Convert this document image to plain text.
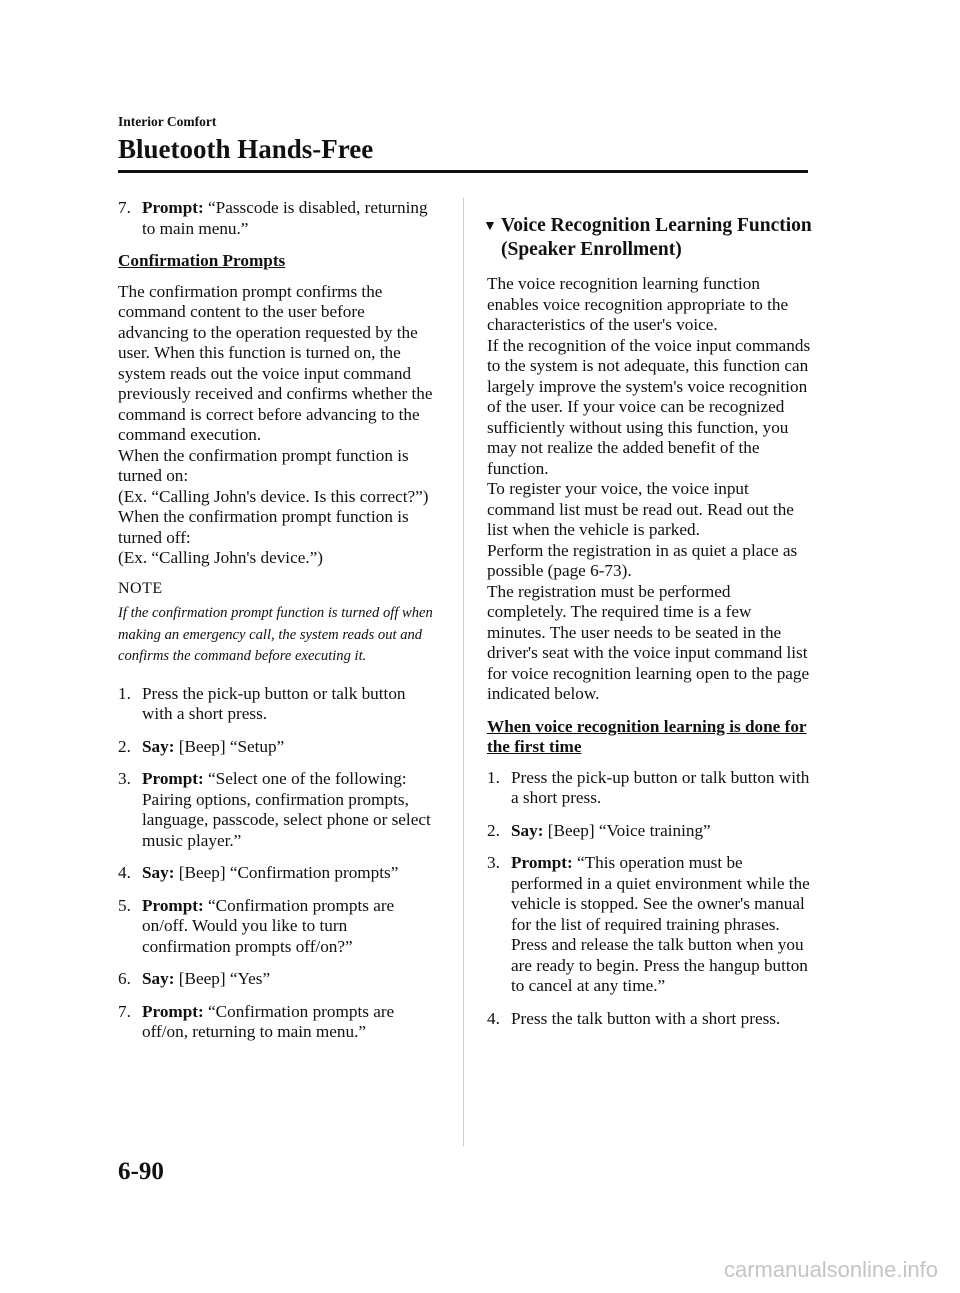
Interior Comfort
Bluetooth Hands-Free
7. Prompt: “Passcode is disabled, returning to main menu.”
Confirmation Prompts
The confirmation prompt confirms the command content to the user before advancing to the operation requested by the user. When this function is turned on, the system reads out the voice input command previously received and confirms whether the command is correct before advancing to the command execution.
When the confirmation prompt function is turned on:
(Ex. “Calling John's device. Is this correct?”)
When the confirmation prompt function is turned off:
(Ex. “Calling John's device.”)
NOTE
If the confirmation prompt function is turned off when making an emergency call, the system reads out and confirms the command before executing it.
1. Press the pick-up button or talk button with a short press.
2. Say: [Beep] “Setup”
3. Prompt: “Select one of the following: Pairing options, confirmation prompts, language, passcode, select phone or select music player.”
4. Say: [Beep] “Confirmation prompts”
5. Prompt: “Confirmation prompts are on/off. Would you like to turn confirmation prompts off/on?”
6. Say: [Beep] “Yes”
7. Prompt: “Confirmation prompts are off/on, returning to main menu.”
▼ Voice Recognition Learning Function (Speaker Enrollment)
The voice recognition learning function enables voice recognition appropriate to the characteristics of the user's voice.
If the recognition of the voice input commands to the system is not adequate, this function can largely improve the system's voice recognition of the user. If your voice can be recognized sufficiently without using this function, you may not realize the added benefit of the function.
To register your voice, the voice input command list must be read out. Read out the list when the vehicle is parked.
Perform the registration in as quiet a place as possible (page 6-73).
The registration must be performed completely. The required time is a few minutes. The user needs to be seated in the driver's seat with the voice input command list for voice recognition learning open to the page indicated below.
When voice recognition learning is done for the first time
1. Press the pick-up button or talk button with a short press.
2. Say: [Beep] “Voice training”
3. Prompt: “This operation must be performed in a quiet environment while the vehicle is stopped. See the owner's manual for the list of required training phrases. Press and release the talk button when you are ready to begin. Press the hangup button to cancel at any time.”
4. Press the talk button with a short press.
6-90
carmanualsonline.info
